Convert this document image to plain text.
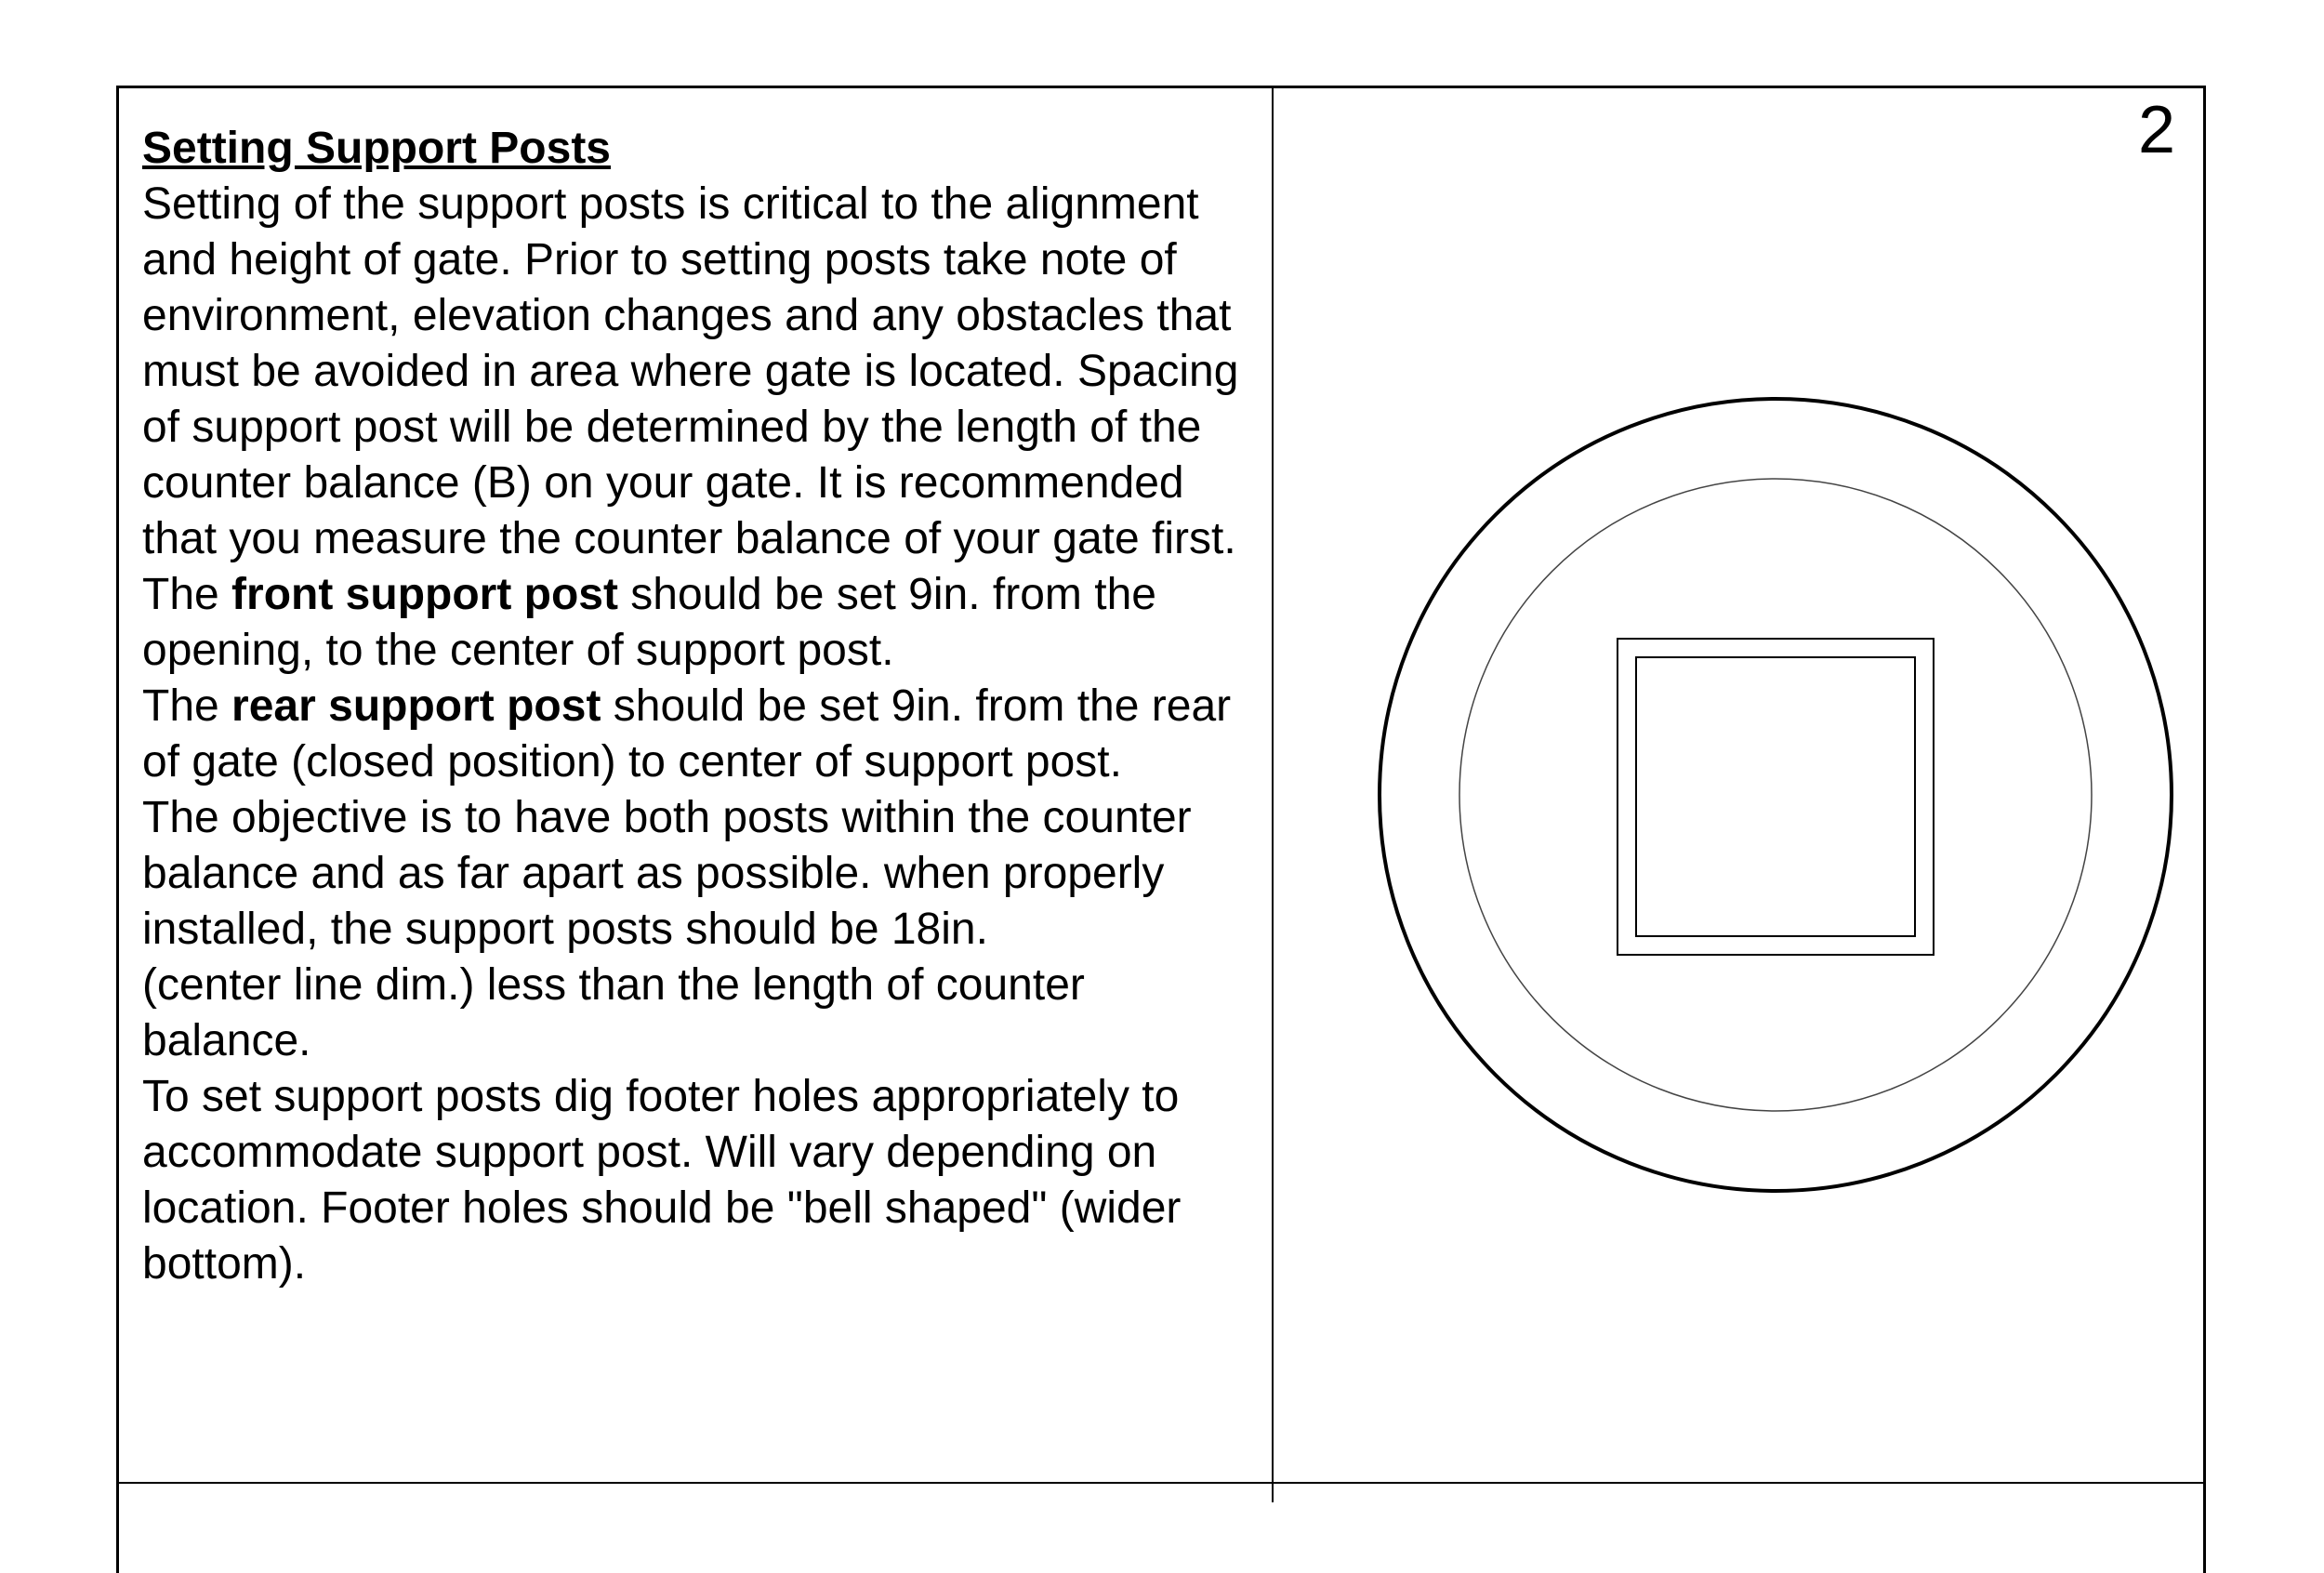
2
Setting Support Posts

Setting of the support posts is critical to the alignment and height of gate. Prior to setting posts take note of environment, elevation changes and any obstacles that must be avoided in area where gate is located. Spacing of support post will be determined by the length of the counter balance (B) on your gate. It is recommended that you measure the counter balance of your gate first.

The front support post should be set 9in. from the opening, to the center of support post.

The rear support post should be set 9in. from the rear of gate (closed position) to center of support post.

The objective is to have both posts within the counter balance and as far apart as possible. when properly installed, the support posts should be 18in.

(center line dim.) less than the length of counter balance.

To set support posts dig footer holes appropriately to accommodate support post. Will vary depending on location. Footer holes should be "bell shaped" (wider bottom).
